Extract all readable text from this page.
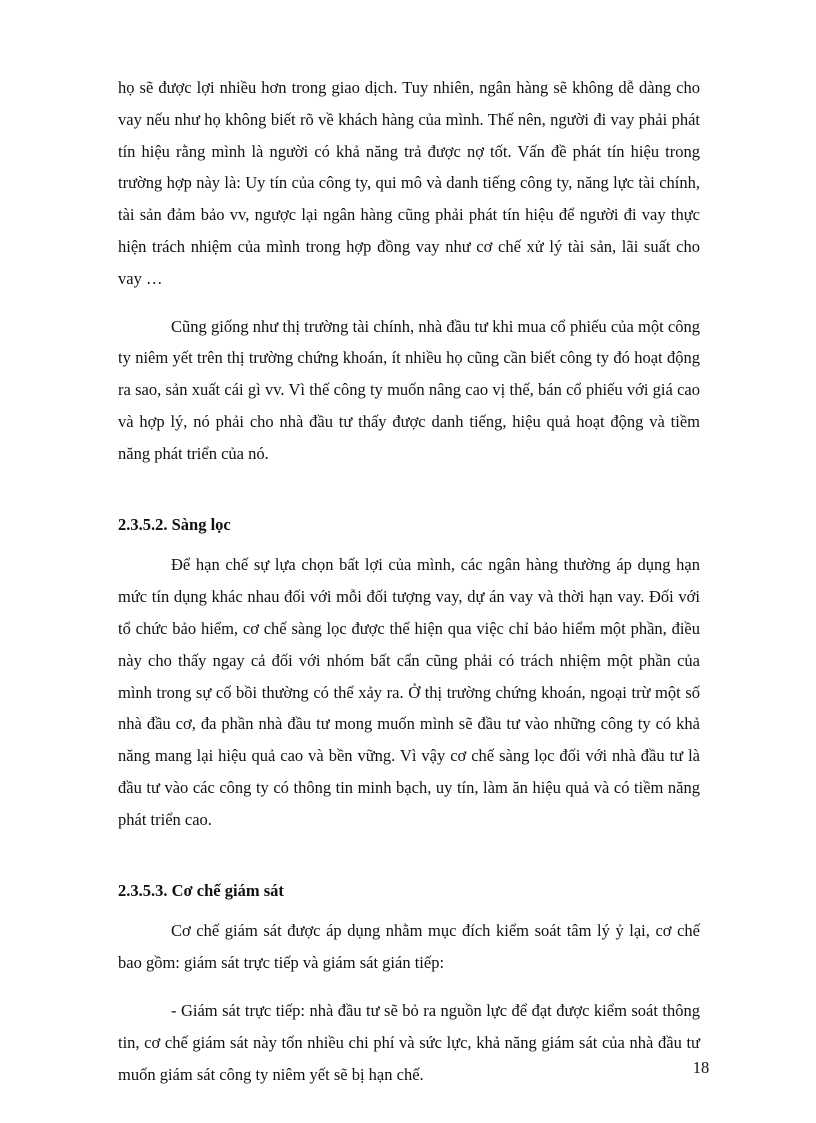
họ sẽ được lợi nhiều hơn trong giao dịch. Tuy nhiên, ngân hàng sẽ không dễ dàng cho vay nếu như họ không biết rõ về khách hàng của mình. Thế nên, người đi vay phải phát tín hiệu rằng mình là người có khả năng trả được nợ tốt. Vấn đề phát tín hiệu trong trường hợp này là: Uy tín của công ty, qui mô và danh tiếng công ty, năng lực tài chính, tài sản đảm bảo vv, ngược lại ngân hàng cũng phải phát tín hiệu để người đi vay thực hiện trách nhiệm của mình trong hợp đồng vay như cơ chế xử lý tài sản, lãi suất cho vay …

Cũng giống như thị trường tài chính, nhà đầu tư khi mua cổ phiếu của một công ty niêm yết trên thị trường chứng khoán, ít nhiều họ cũng cần biết công ty đó hoạt động ra sao, sản xuất cái gì vv. Vì thế công ty muốn nâng cao vị thế, bán cổ phiếu với giá cao và hợp lý, nó phải cho nhà đầu tư thấy được danh tiếng, hiệu quả hoạt động và tiềm năng phát triển của nó.

2.3.5.2. Sàng lọc

Để hạn chế sự lựa chọn bất lợi của mình, các ngân hàng thường áp dụng hạn mức tín dụng khác nhau đối với mỗi đối tượng vay, dự án vay và thời hạn vay. Đối với tổ chức bảo hiểm, cơ chế sàng lọc được thể hiện qua việc chỉ bảo hiểm một phần, điều này cho thấy ngay cả đối với nhóm bất cẩn cũng phải có trách nhiệm một phần của mình trong sự cố bồi thường có thể xảy ra. Ở thị trường chứng khoán, ngoại trừ một số nhà đầu cơ, đa phần nhà đầu tư mong muốn mình sẽ đầu tư vào những công ty có khả năng mang lại hiệu quả cao và bền vững. Vì vậy cơ chế sàng lọc đối với nhà đầu tư là đầu tư vào các công ty có thông tin minh bạch, uy tín, làm ăn hiệu quả và có tiềm năng phát triển cao.

2.3.5.3. Cơ chế giám sát

Cơ chế giám sát được áp dụng nhằm mục đích kiểm soát tâm lý ỷ lại, cơ chế bao gồm: giám sát trực tiếp và giám sát gián tiếp:

- Giám sát trực tiếp: nhà đầu tư sẽ bỏ ra nguồn lực để đạt được kiểm soát thông tin, cơ chế giám sát này tốn nhiều chi phí và sức lực, khả năng giám sát của nhà đầu tư muốn giám sát công ty niêm yết sẽ bị hạn chế.	18
